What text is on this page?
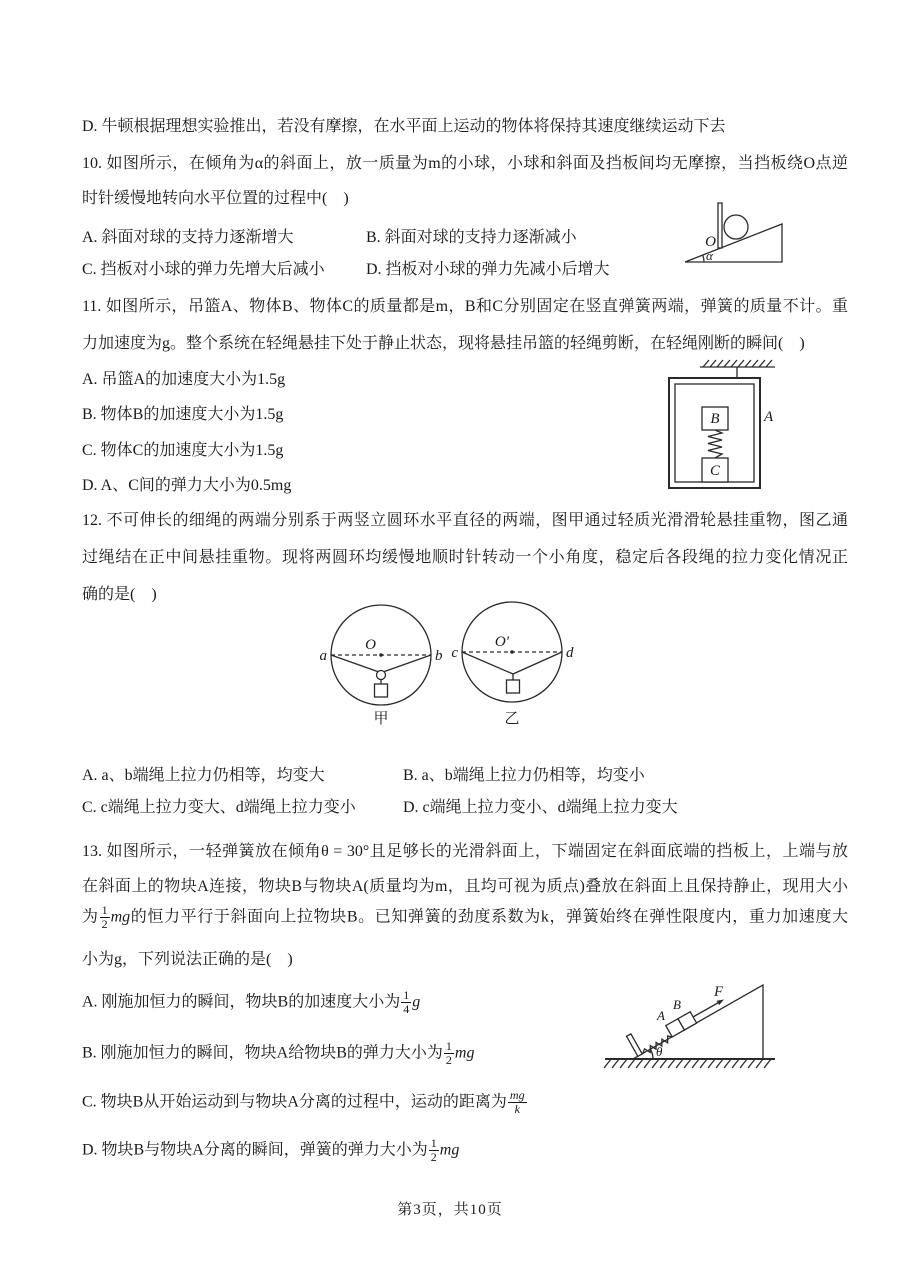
D. 牛顿根据理想实验推出，若没有摩擦，在水平面上运动的物体将保持其速度继续运动下去
10. 如图所示，在倾角为α的斜面上，放一质量为m的小球，小球和斜面及挡板间均无摩擦，当挡板绕O点逆
时针缓慢地转向水平位置的过程中(　)
A. 斜面对球的支持力逐渐增大	B. 斜面对球的支持力逐渐减小
C. 挡板对小球的弹力先增大后减小	D. 挡板对小球的弹力先减小后增大
O
α
11. 如图所示，吊篮A、物体B、物体C的质量都是m，B和C分别固定在竖直弹簧两端，弹簧的质量不计。重
力加速度为g。整个系统在轻绳悬挂下处于静止状态，现将悬挂吊篮的轻绳剪断，在轻绳刚断的瞬间(　)
A. 吊篮A的加速度大小为1.5g
B. 物体B的加速度大小为1.5g
C. 物体C的加速度大小为1.5g
D. A、C间的弹力大小为0.5mg
B
C
A
12. 不可伸长的细绳的两端分别系于两竖立圆环水平直径的两端，图甲通过轻质光滑滑轮悬挂重物，图乙通
过绳结在正中间悬挂重物。现将两圆环均缓慢地顺时针转动一个小角度，稳定后各段绳的拉力变化情况正
确的是(　)
a	b
O
甲
c	d
O′
乙
A. a、b端绳上拉力仍相等，均变大	B. a、b端绳上拉力仍相等，均变小
C. c端绳上拉力变大、d端绳上拉力变小	D. c端绳上拉力变小、d端绳上拉力变大
13. 如图所示，一轻弹簧放在倾角θ = 30°且足够长的光滑斜面上，下端固定在斜面底端的挡板上，上端与放
在斜面上的物块A连接，物块B与物块A(质量均为m，且均可视为质点)叠放在斜面上且保持静止，现用大小
为 $\frac{1}{2}$ mg的恒力平行于斜面向上拉物块B。已知弹簧的劲度系数为k，弹簧始终在弹性限度内，重力加速度大
小为g，下列说法正确的是(　)
A. 刚施加恒力的瞬间，物块B的加速度大小为 $\frac{1}{4}$ g
B. 刚施加恒力的瞬间，物块A给物块B的弹力大小为 $\frac{1}{2}$ mg
C. 物块B从开始运动到与物块A分离的过程中，运动的距离为 $\frac{mg}{k}$
D. 物块B与物块A分离的瞬间，弹簧的弹力大小为 $\frac{1}{2}$ mg
A
B
F
θ
第3页，共10页
